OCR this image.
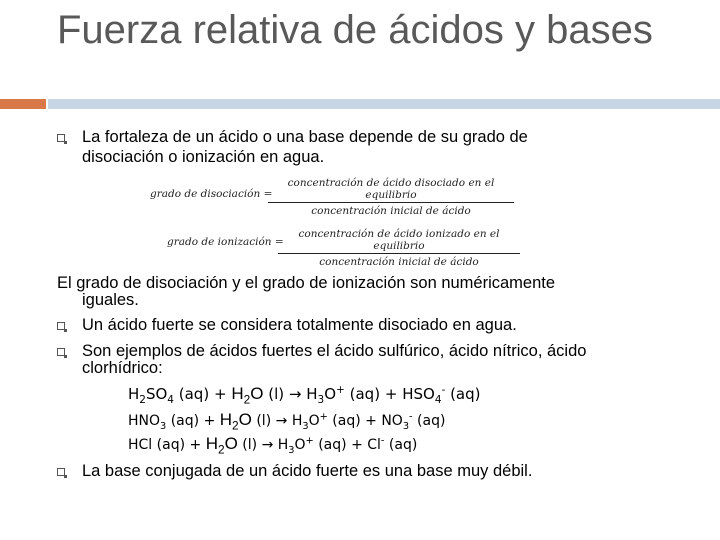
Fuerza relativa de ácidos y bases
La fortaleza de un ácido o una base depende de su grado de
disociación o ionización en agua.
grado de disociación =
concentración de ácido disociado en el equilibrio
concentración inicial de ácido
grado de ionización =
concentración de ácido ionizado en el equilibrio
concentración inicial de ácido
El grado de disociación y el grado de ionización son numéricamente
iguales.
Un ácido fuerte se considera totalmente disociado en agua.
Son ejemplos de ácidos fuertes el ácido sulfúrico, ácido nítrico, ácido
clorhídrico:
$H_2SO_4$ $(aq) + H_2O$ $(l) \to H_3O^+$ $(aq) + HSO_4^-$ (aq)
$HNO_3$ $(aq) + H_2O$ $(l) \to H_3O^+$ $(aq) + NO_3^-$ (aq)
HCl $(aq) + H_2O$ $(l) \to H_3O^+$ (aq) + Cl- (aq)
La base conjugada de un ácido fuerte es una base muy débil.
